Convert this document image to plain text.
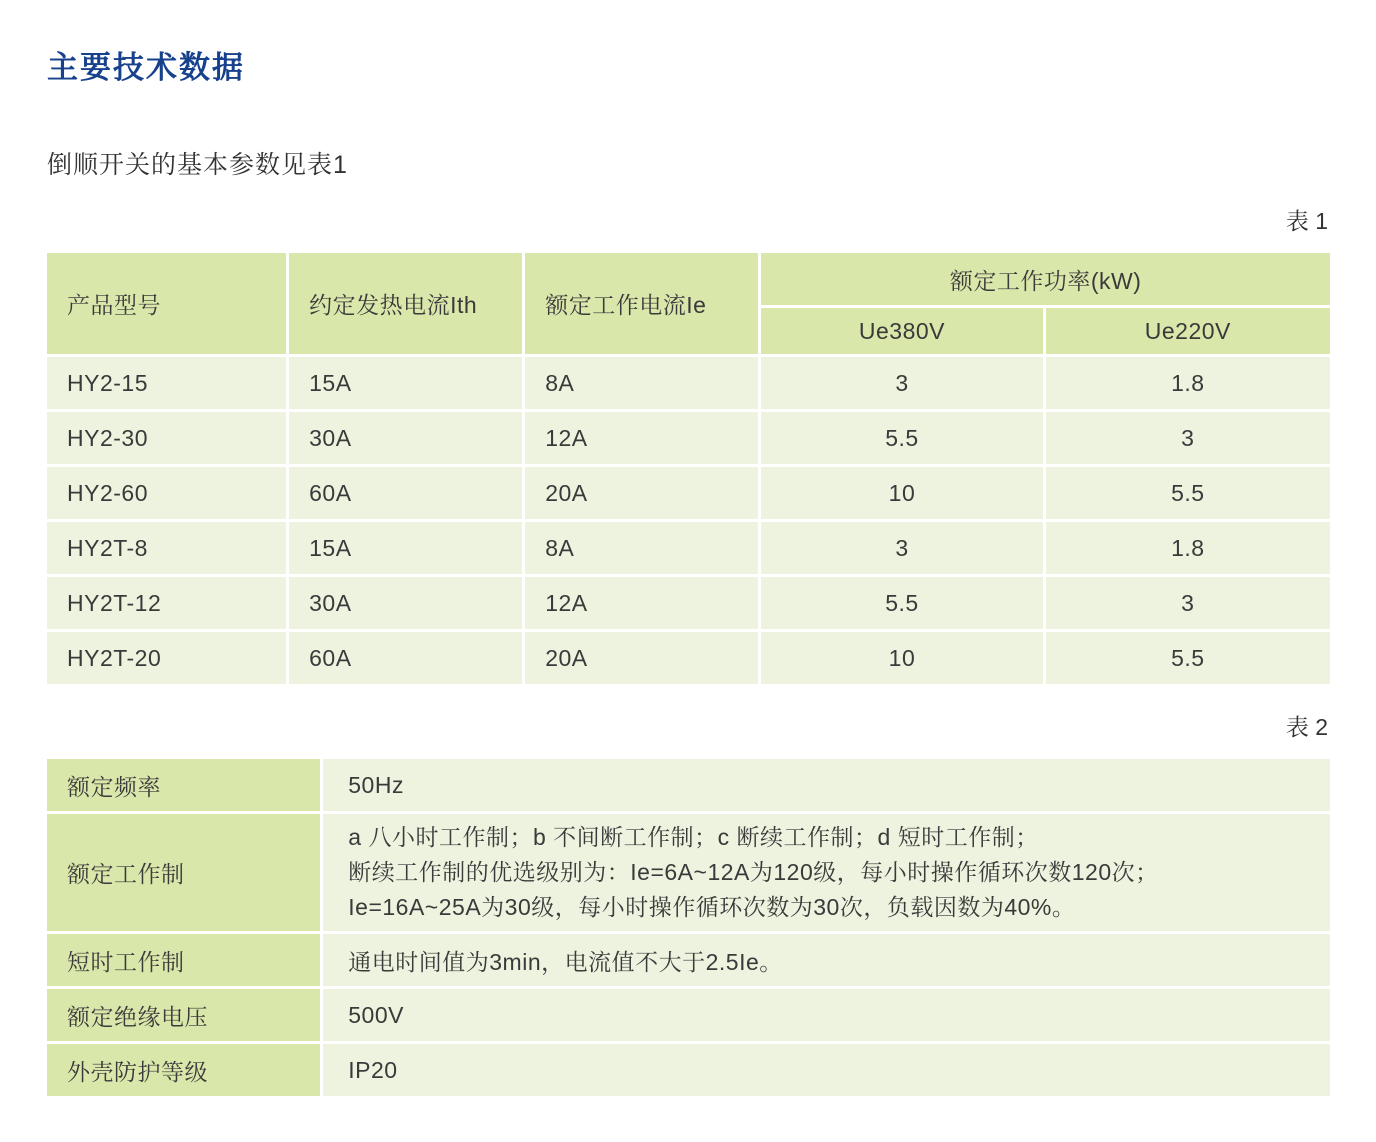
主要技术数据
倒顺开关的基本参数见表1
表 1
产品型号	约定发热电流Ith	额定工作电流Ie	额定工作功率(kW)	
			Ue380V	Ue220V
HY2-15	15A	8A	3	1.8
HY2-30	30A	12A	5.5	3
HY2-60	60A	20A	10	5.5
HY2T-8	15A	8A	3	1.8
HY2T-12	30A	12A	5.5	3
HY2T-20	60A	20A	10	5.5
表 2
额定频率	50Hz
额定工作制	a 八小时工作制；b 不间断工作制；c 断续工作制；d 短时工作制；
断续工作制的优选级别为：Ie=6A~12A为120级，每小时操作循环次数120次；
Ie=16A~25A为30级，每小时操作循环次数为30次，负载因数为40%。

短时工作制	通电时间值为3min，电流值不大于2.5Ie。
额定绝缘电压	500V
外壳防护等级	IP20
